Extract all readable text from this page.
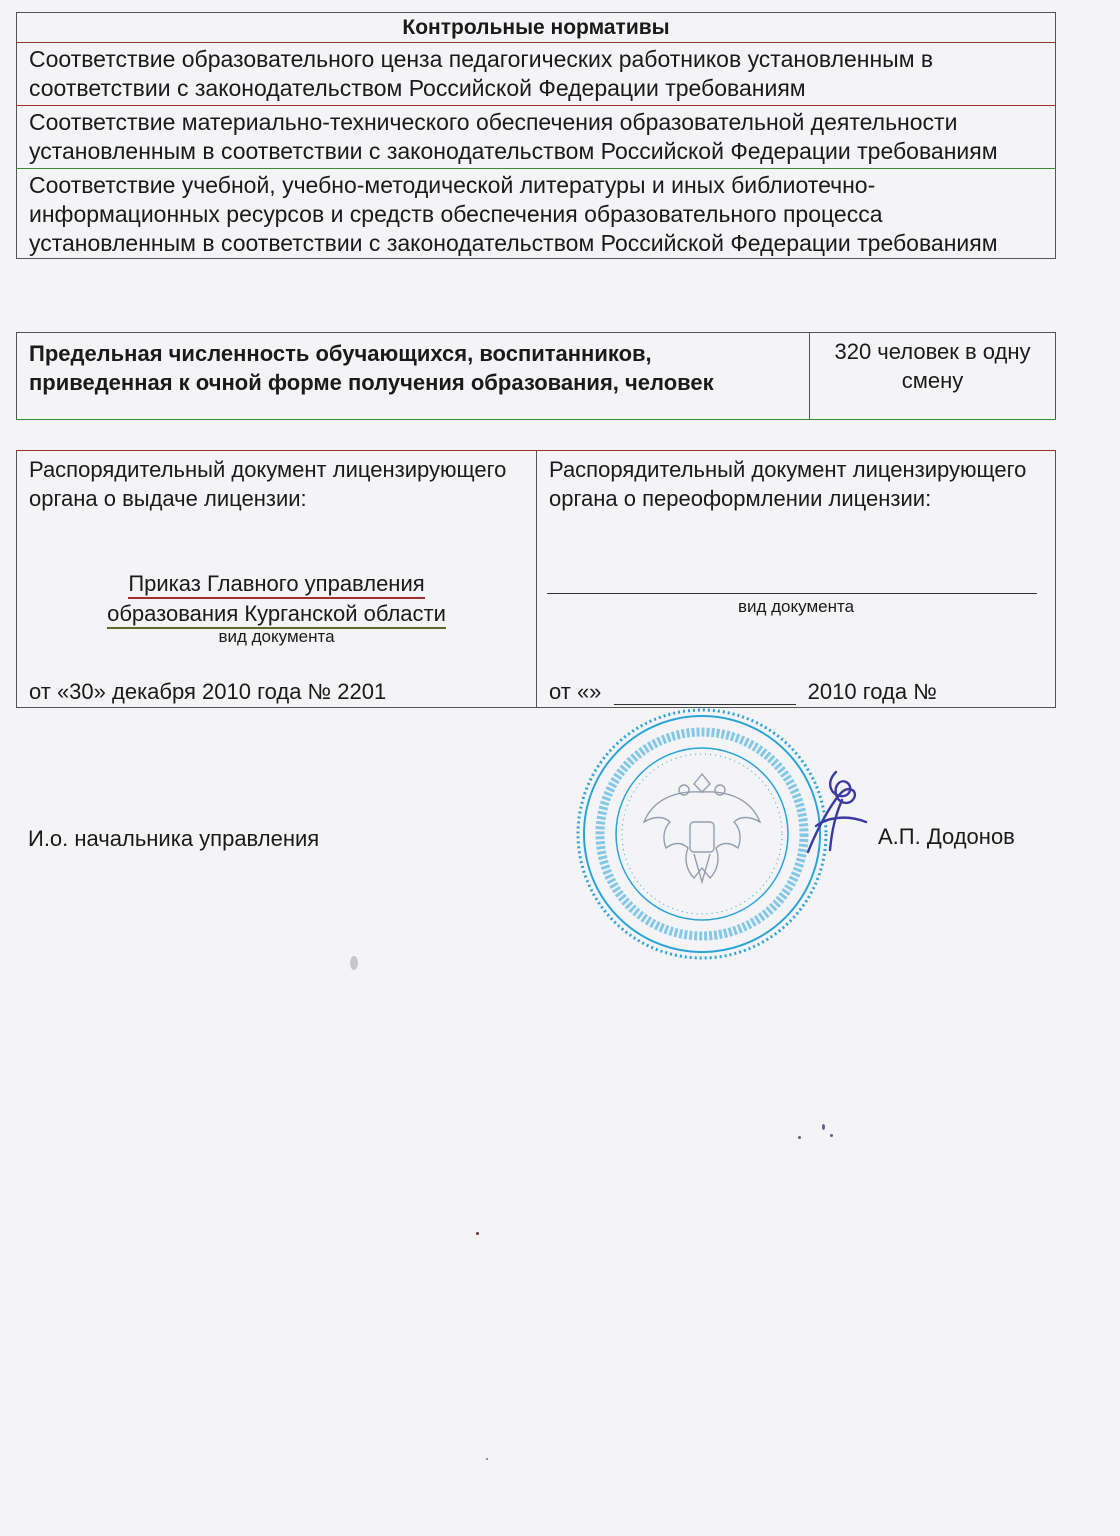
Контрольные нормативы
Соответствие образовательного ценза педагогических работников установленным в соответствии с законодательством Российской Федерации требованиям
Соответствие материально-технического обеспечения образовательной деятельности установленным в соответствии с законодательством Российской Федерации требованиям
Соответствие учебной, учебно-методической литературы и иных библиотечно-информационных ресурсов и средств обеспечения образовательного процесса установленным в соответствии с законодательством Российской Федерации требованиям
Предельная численность обучающихся, воспитанников, приведенная к очной форме получения образования, человек	320 человек в одну смену
Распорядительный документ лицензирующего органа о выдаче лицензии:
Приказ Главного управления
образования Курганской области
вид документа
от «30» декабря 2010 года № 2201
Распорядительный документ лицензирующего органа о переоформлении лицензии:
вид документа
от «»	2010 года №
И.о. начальника управления	А.П. Додонов
